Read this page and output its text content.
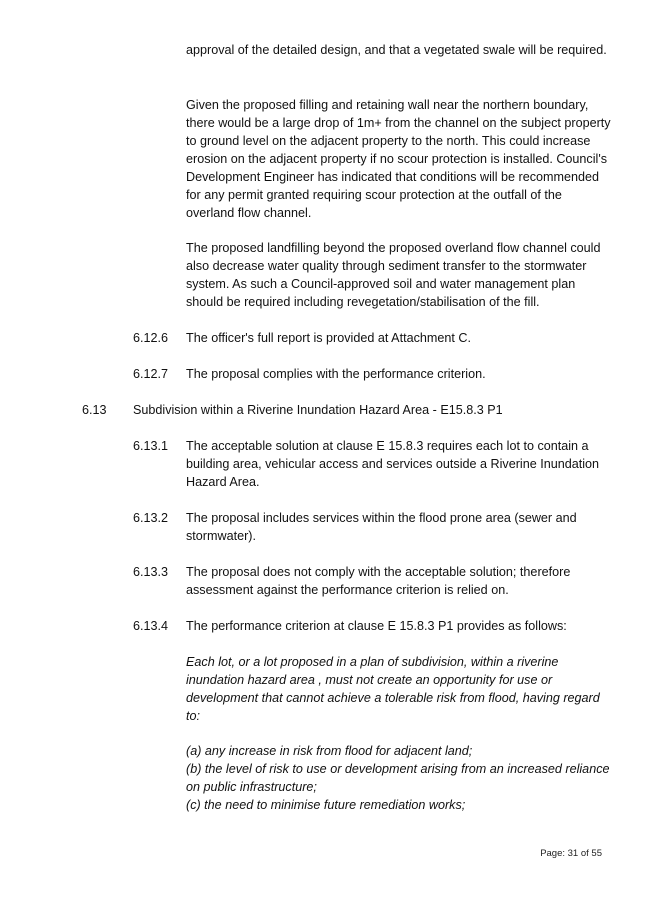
approval of the detailed design, and that a vegetated swale will be required.

Given the proposed filling and retaining wall near the northern boundary, there would be a large drop of 1m+ from the channel on the subject property to ground level on the adjacent property to the north. This could increase erosion on the adjacent property if no scour protection is installed. Council's Development Engineer has indicated that conditions will be recommended for any permit granted requiring scour protection at the outfall of the overland flow channel.

The proposed landfilling beyond the proposed overland flow channel could also decrease water quality through sediment transfer to the stormwater system. As such a Council-approved soil and water management plan should be required including revegetation/stabilisation of the fill.

6.12.6 The officer's full report is provided at Attachment C.
6.12.7 The proposal complies with the performance criterion.
6.13 Subdivision within a Riverine Inundation Hazard Area - E15.8.3 P1
6.13.1 The acceptable solution at clause E 15.8.3 requires each lot to contain a building area, vehicular access and services outside a Riverine Inundation Hazard Area.
6.13.2 The proposal includes services within the flood prone area (sewer and stormwater).
6.13.3 The proposal does not comply with the acceptable solution; therefore assessment against the performance criterion is relied on.
6.13.4 The performance criterion at clause E 15.8.3 P1 provides as follows:

Each lot, or a lot proposed in a plan of subdivision, within a riverine inundation hazard area , must not create an opportunity for use or development that cannot achieve a tolerable risk from flood, having regard to:

(a) any increase in risk from flood for adjacent land;

(b) the level of risk to use or development arising from an increased reliance on public infrastructure;

(c) the need to minimise future remediation works;

Page: 31 of 55
